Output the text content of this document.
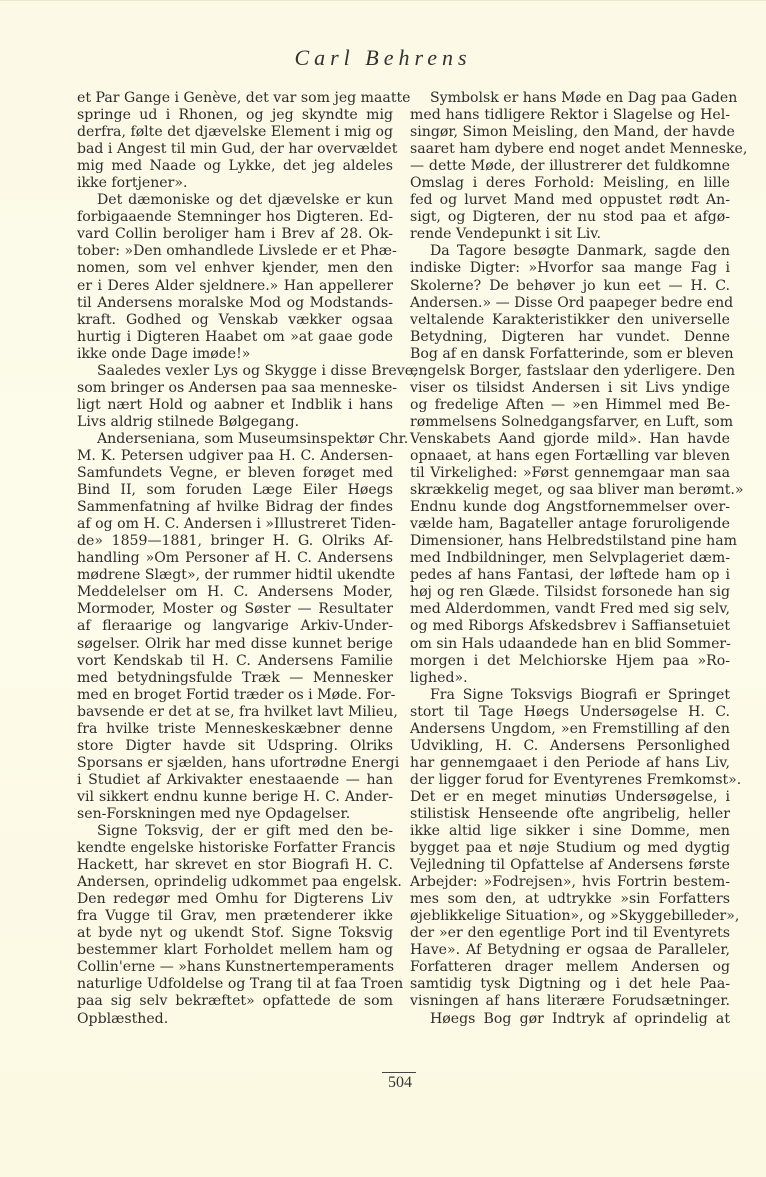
Carl Behrens
et Par Gange i Genève, det var som jeg maatte
springe ud i Rhonen, og jeg skyndte mig
derfra, følte det djævelske Element i mig og
bad i Angest til min Gud, der har overvældet
mig med Naade og Lykke, det jeg aldeles
ikke fortjener».
Det dæmoniske og det djævelske er kun
forbigaaende Stemninger hos Digteren. Ed-
vard Collin beroliger ham i Brev af 28. Ok-
tober: »Den omhandlede Livslede er et Phæ-
nomen, som vel enhver kjender, men den
er i Deres Alder sjeldnere.» Han appellerer
til Andersens moralske Mod og Modstands-
kraft. Godhed og Venskab vækker ogsaa
hurtig i Digteren Haabet om »at gaae gode
ikke onde Dage imøde!»
Saaledes vexler Lys og Skygge i disse Breve,
som bringer os Andersen paa saa menneske-
ligt nært Hold og aabner et Indblik i hans
Livs aldrig stilnede Bølgegang.
Anderseniana, som Museumsinspektør Chr.
M. K. Petersen udgiver paa H. C. Andersen-
Samfundets Vegne, er bleven forøget med
Bind II, som foruden Læge Eiler Høegs
Sammenfatning af hvilke Bidrag der findes
af og om H. C. Andersen i »Illustreret Tiden-
de» 1859—1881, bringer H. G. Olriks Af-
handling »Om Personer af H. C. Andersens
mødrene Slægt», der rummer hidtil ukendte
Meddelelser om H. C. Andersens Moder,
Mormoder, Moster og Søster — Resultater
af fleraarige og langvarige Arkiv-Under-
søgelser. Olrik har med disse kunnet berige
vort Kendskab til H. C. Andersens Familie
med betydningsfulde Træk — Mennesker
med en broget Fortid træder os i Møde. For-
bavsende er det at se, fra hvilket lavt Milieu,
fra hvilke triste Menneskeskæbner denne
store Digter havde sit Udspring. Olriks
Sporsans er sjælden, hans ufortrødne Energi
i Studiet af Arkivakter enestaaende — han
vil sikkert endnu kunne berige H. C. Ander-
sen-Forskningen med nye Opdagelser.
Signe Toksvig, der er gift med den be-
kendte engelske historiske Forfatter Francis
Hackett, har skrevet en stor Biografi H. C.
Andersen, oprindelig udkommet paa engelsk.
Den redegør med Omhu for Digterens Liv
fra Vugge til Grav, men prætenderer ikke
at byde nyt og ukendt Stof. Signe Toksvig
bestemmer klart Forholdet mellem ham og
Collin'erne — »hans Kunstnertemperaments
naturlige Udfoldelse og Trang til at faa Troen
paa sig selv bekræftet» opfattede de som
Opblæsthed.
Symbolsk er hans Møde en Dag paa Gaden
med hans tidligere Rektor i Slagelse og Hel-
singør, Simon Meisling, den Mand, der havde
saaret ham dybere end noget andet Menneske,
— dette Møde, der illustrerer det fuldkomne
Omslag i deres Forhold: Meisling, en lille
fed og lurvet Mand med oppustet rødt An-
sigt, og Digteren, der nu stod paa et afgø-
rende Vendepunkt i sit Liv.
Da Tagore besøgte Danmark, sagde den
indiske Digter: »Hvorfor saa mange Fag i
Skolerne? De behøver jo kun eet — H. C.
Andersen.» — Disse Ord paapeger bedre end
veltalende Karakteristikker den universelle
Betydning, Digteren har vundet. Denne
Bog af en dansk Forfatterinde, som er bleven
engelsk Borger, fastslaar den yderligere. Den
viser os tilsidst Andersen i sit Livs yndige
og fredelige Aften — »en Himmel med Be-
rømmelsens Solnedgangsfarver, en Luft, som
Venskabets Aand gjorde mild». Han havde
opnaaet, at hans egen Fortælling var bleven
til Virkelighed: »Først gennemgaar man saa
skrækkelig meget, og saa bliver man berømt.»
Endnu kunde dog Angstfornemmelser over-
vælde ham, Bagateller antage foruroligende
Dimensioner, hans Helbredstilstand pine ham
med Indbildninger, men Selvplageriet dæm-
pedes af hans Fantasi, der løftede ham op i
høj og ren Glæde. Tilsidst forsonede han sig
med Alderdommen, vandt Fred med sig selv,
og med Riborgs Afskedsbrev i Saffiansetuiet
om sin Hals udaandede han en blid Sommer-
morgen i det Melchiorske Hjem paa »Ro-
lighed».
Fra Signe Toksvigs Biografi er Springet
stort til Tage Høegs Undersøgelse H. C.
Andersens Ungdom, »en Fremstilling af den
Udvikling, H. C. Andersens Personlighed
har gennemgaaet i den Periode af hans Liv,
der ligger forud for Eventyrenes Fremkomst».
Det er en meget minutiøs Undersøgelse, i
stilistisk Henseende ofte angribelig, heller
ikke altid lige sikker i sine Domme, men
bygget paa et nøje Studium og med dygtig
Vejledning til Opfattelse af Andersens første
Arbejder: »Fodrejsen», hvis Fortrin bestem-
mes som den, at udtrykke »sin Forfatters
øjeblikkelige Situation», og »Skyggebilleder»,
der »er den egentlige Port ind til Eventyrets
Have». Af Betydning er ogsaa de Paralleler,
Forfatteren drager mellem Andersen og
samtidig tysk Digtning og i det hele Paa-
visningen af hans literære Forudsætninger.
Høegs Bog gør Indtryk af oprindelig at
504
